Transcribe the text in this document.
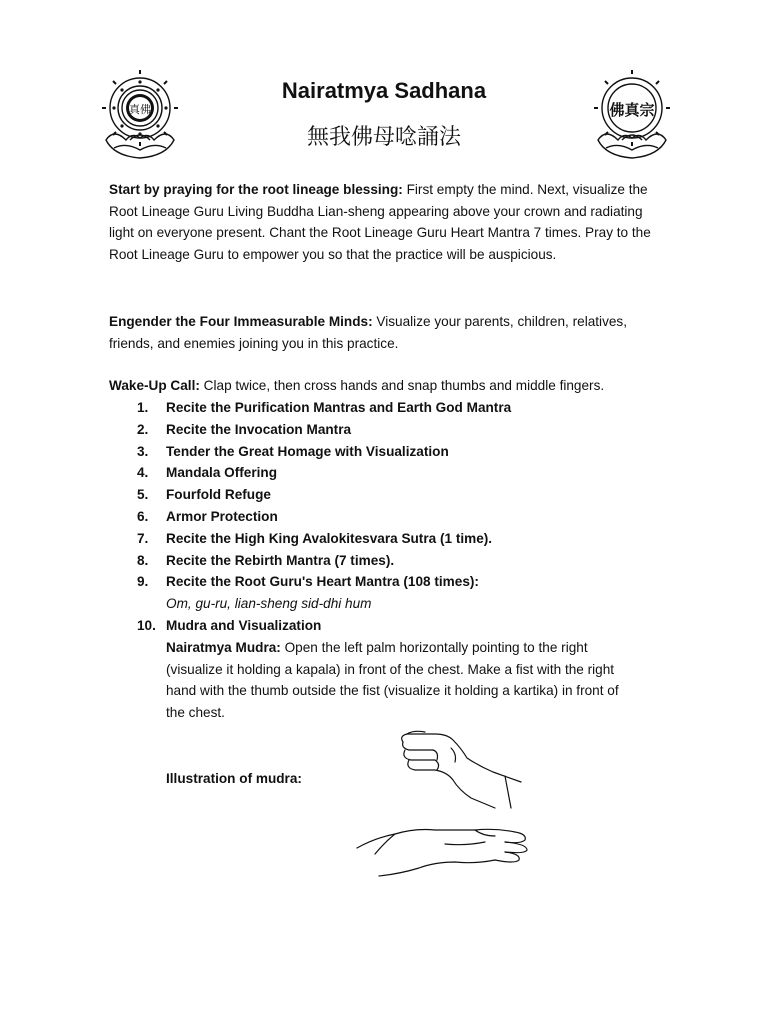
真佛	佛真宗
Nairatmya Sadhana
無我佛母唸誦法
Start by praying for the root lineage blessing: First empty the mind. Next, visualize the Root Lineage Guru Living Buddha Lian-sheng appearing above your crown and radiating light on everyone present. Chant the Root Lineage Guru Heart Mantra 7 times. Pray to the Root Lineage Guru to empower you so that the practice will be auspicious.
Engender the Four Immeasurable Minds: Visualize your parents, children, relatives, friends, and enemies joining you in this practice.
Wake-Up Call: Clap twice, then cross hands and snap thumbs and middle fingers.
1. Recite the Purification Mantras and Earth God Mantra
2. Recite the Invocation Mantra
3. Tender the Great Homage with Visualization
4. Mandala Offering
5. Fourfold Refuge
6. Armor Protection
7. Recite the High King Avalokitesvara Sutra (1 time).
8. Recite the Rebirth Mantra (7 times).
9. Recite the Root Guru's Heart Mantra (108 times):
Om, gu-ru, lian-sheng sid-dhi hum
10. Mudra and Visualization
Nairatmya Mudra: Open the left palm horizontally pointing to the right (visualize it holding a kapala) in front of the chest. Make a fist with the right hand with the thumb outside the fist (visualize it holding a kartika) in front of the chest.
Illustration of mudra:
